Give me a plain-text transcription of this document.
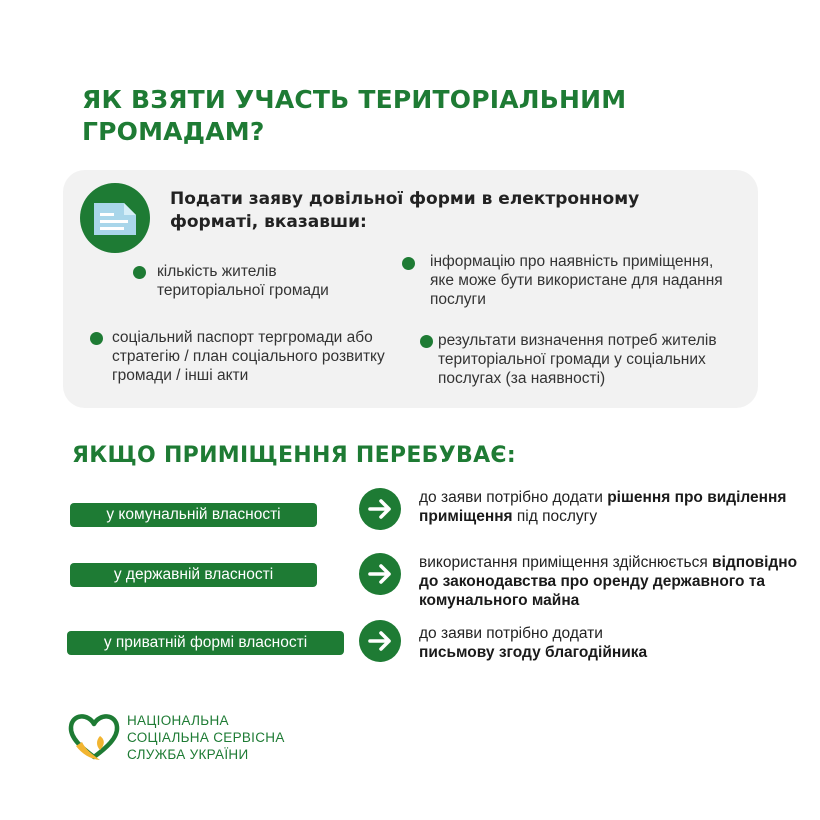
ЯК ВЗЯТИ УЧАСТЬ ТЕРИТОРІАЛЬНИМ ГРОМАДАМ?
Подати заяву довільної форми в електронному форматі, вказавши:
кількість жителів територіальної громади
інформацію про наявність приміщення, яке може бути використане для надання послуги
соціальний паспорт тергромади або стратегію / план соціального розвитку громади / інші акти
результати визначення потреб жителів територіальної громади у соціальних послугах (за наявності)
ЯКЩО ПРИМІЩЕННЯ ПЕРЕБУВАЄ:
у комунальній власності
до заяви потрібно додати рішення про виділення приміщення під послугу
у державній власності
використання приміщення здійснюється відповідно до законодавства про оренду державного та комунального майна
у приватній формі власності
до заяви потрібно додати
письмову згоду благодійника
НАЦІОНАЛЬНА
СОЦІАЛЬНА СЕРВІСНА
СЛУЖБА УКРАЇНИ
